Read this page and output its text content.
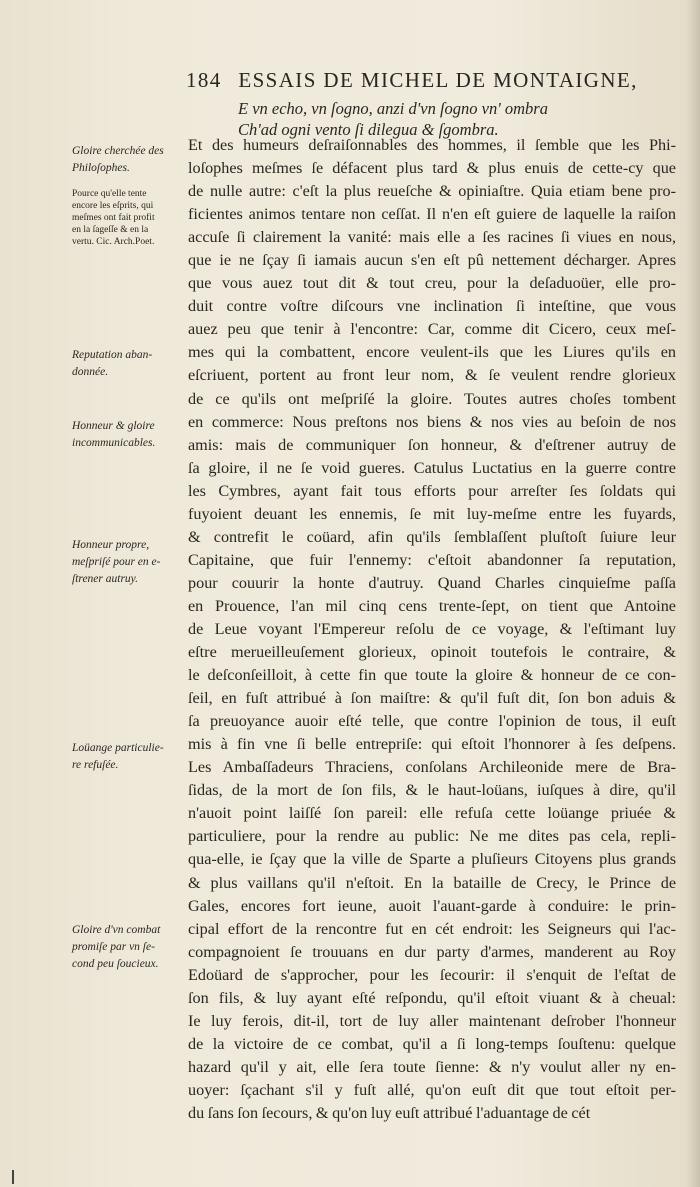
184 ESSAIS DE MICHEL DE MONTAIGNE,
E vn echo, vn ſogno, anzi d'vn ſogno vn' ombra
Ch'ad ogni vento ſi dilegua & ſgombra.
Gloire cherchée des
Philoſophes.
Pource qu'elle tente
encore les eſprits, qui
meſmes ont fait profit
en la ſageſſe & en la
vertu. Cic. Arch.Poet.
Reputation aban-
donnée.
Honneur & gloire
incommunicables.
Honneur propre,
meſpriſé pour en e-
ſtrener autruy.
Loüange particulie-
re refuſée.
Gloire d'vn combat
promiſe par vn ſe-
cond peu ſoucieux.
Et des humeurs deſraiſonnables des hommes, il ſemble que les Phi-
loſophes meſmes ſe défacent plus tard & plus enuis de cette-cy que
de nulle autre: c'eſt la plus reueſche & opiniaſtre. Quia etiam bene pro-
ficientes animos tentare non ceſſat. Il n'en eſt guiere de laquelle la raiſon
accuſe ſi clairement la vanité: mais elle a ſes racines ſi viues en nous,
que ie ne ſçay ſi iamais aucun s'en eſt pû nettement décharger. Apres
que vous auez tout dit & tout creu, pour la deſaduoüer, elle pro-
duit contre voſtre diſcours vne inclination ſi inteſtine, que vous
auez peu que tenir à l'encontre: Car, comme dit Cicero, ceux meſ-
mes qui la combattent, encore veulent-ils que les Liures qu'ils en
eſcriuent, portent au front leur nom, & ſe veulent rendre glorieux
de ce qu'ils ont meſpriſé la gloire. Toutes autres choſes tombent
en commerce: Nous preſtons nos biens & nos vies au beſoin de nos
amis: mais de communiquer ſon honneur, & d'eſtrener autruy de
ſa gloire, il ne ſe void gueres. Catulus Luctatius en la guerre contre
les Cymbres, ayant fait tous efforts pour arreſter ſes ſoldats qui
fuyoient deuant les ennemis, ſe mit luy-meſme entre les fuyards,
& contrefit le coüard, afin qu'ils ſemblaſſent pluſtoſt ſuiure leur
Capitaine, que fuir l'ennemy: c'eſtoit abandonner ſa reputation,
pour couurir la honte d'autruy. Quand Charles cinquieſme paſſa
en Prouence, l'an mil cinq cens trente-ſept, on tient que Antoine
de Leue voyant l'Empereur reſolu de ce voyage, & l'eſtimant luy
eſtre merueilleuſement glorieux, opinoit toutefois le contraire, &
le deſconſeilloit, à cette fin que toute la gloire & honneur de ce con-
ſeil, en fuſt attribué à ſon maiſtre: & qu'il fuſt dit, ſon bon aduis &
ſa preuoyance auoir eſté telle, que contre l'opinion de tous, il euſt
mis à fin vne ſi belle entrepriſe: qui eſtoit l'honnorer à ſes deſpens.
Les Ambaſſadeurs Thraciens, conſolans Archileonide mere de Bra-
ſidas, de la mort de ſon fils, & le haut-loüans, iuſques à dire, qu'il
n'auoit point laiſſé ſon pareil: elle refuſa cette loüange priuée &
particuliere, pour la rendre au public: Ne me dites pas cela, repli-
qua-elle, ie ſçay que la ville de Sparte a pluſieurs Citoyens plus grands
& plus vaillans qu'il n'eſtoit. En la bataille de Crecy, le Prince de
Gales, encores fort ieune, auoit l'auant-garde à conduire: le prin-
cipal effort de la rencontre fut en cét endroit: les Seigneurs qui l'ac-
compagnoient ſe trouuans en dur party d'armes, manderent au Roy
Edoüard de s'approcher, pour les ſecourir: il s'enquit de l'eſtat de
ſon fils, & luy ayant eſté reſpondu, qu'il eſtoit viuant & à cheual:
Ie luy ferois, dit-il, tort de luy aller maintenant deſrober l'honneur
de la victoire de ce combat, qu'il a ſi long-temps ſouſtenu: quelque
hazard qu'il y ait, elle ſera toute ſienne: & n'y voulut aller ny en-
uoyer: ſçachant s'il y fuſt allé, qu'on euſt dit que tout eſtoit per-
du ſans ſon ſecours, & qu'on luy euſt attribué l'aduantage de cét
